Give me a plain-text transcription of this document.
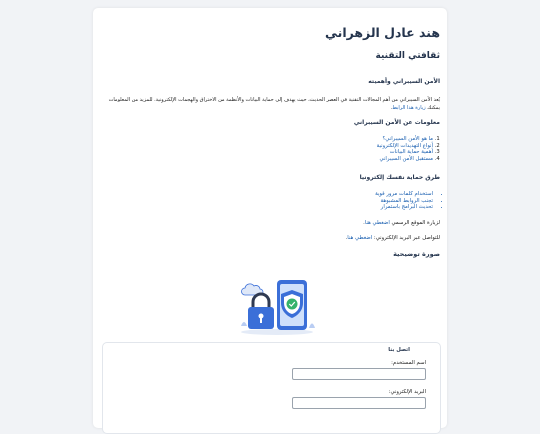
هند عادل الزهراني
ثقافتي التقنية
الأمن السيبراني وأهميته

يُعد الأمن السيبراني من أهم المجالات التقنية في العصر الحديث، حيث يهدف إلى حماية البيانات والأنظمة من الاختراق والهجمات الإلكترونية. للمزيد من المعلومات يمكنك زيارة هذا الرابط.

معلومات عن الأمن السيبراني
1. ما هو الأمن السيبراني؟
2. أنواع التهديدات الإلكترونية
3. أهمية حماية البيانات
4. مستقبل الأمن السيبراني
طرق حماية نفسك إلكترونيا
• استخدام كلمات مرور قوية
• تجنب الروابط المشبوهة
• تحديث البرامج باستمرار

لزيارة الموقع الرسمي اضغطي هنا.

للتواصل عبر البريد الإلكتروني: اضغطي هنا.

صورة توضيحية
اتصل بنا
اسم المستخدم:
البريد الإلكتروني:
